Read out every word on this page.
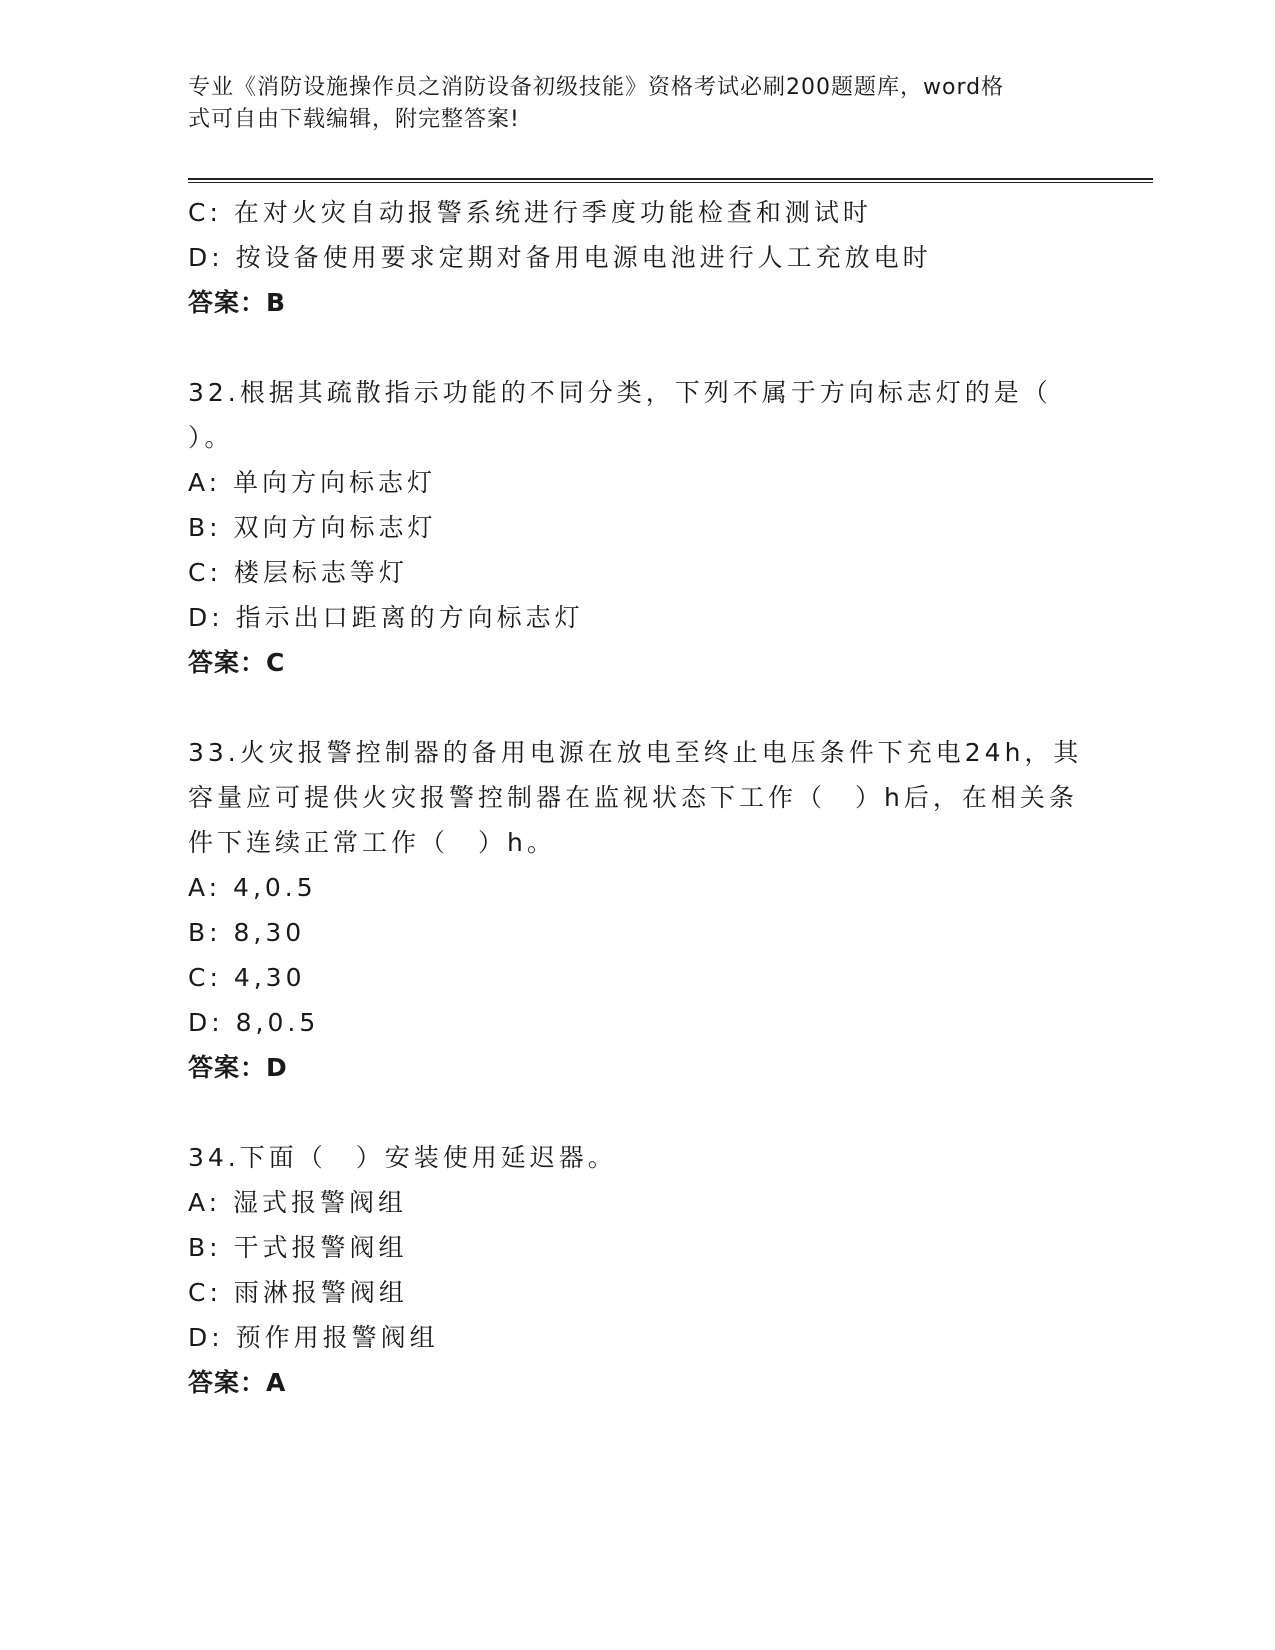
专业《消防设施操作员之消防设备初级技能》资格考试必刷200题题库，word格
式可自由下载编辑，附完整答案!
C: 在对火灾自动报警系统进行季度功能检查和测试时
D: 按设备使用要求定期对备用电源电池进行人工充放电时
答案：B
32.根据其疏散指示功能的不同分类，下列不属于方向标志灯的是（
）。
A: 单向方向标志灯
B: 双向方向标志灯
C: 楼层标志等灯
D: 指示出口距离的方向标志灯
答案：C
33.火灾报警控制器的备用电源在放电至终止电压条件下充电24h，其
容量应可提供火灾报警控制器在监视状态下工作（　）h后，在相关条
件下连续正常工作（　）h。
A: 4,0.5
B: 8,30
C: 4,30
D: 8,0.5
答案：D
34.下面（　）安装使用延迟器。
A: 湿式报警阀组
B: 干式报警阀组
C: 雨淋报警阀组
D: 预作用报警阀组
答案：A
